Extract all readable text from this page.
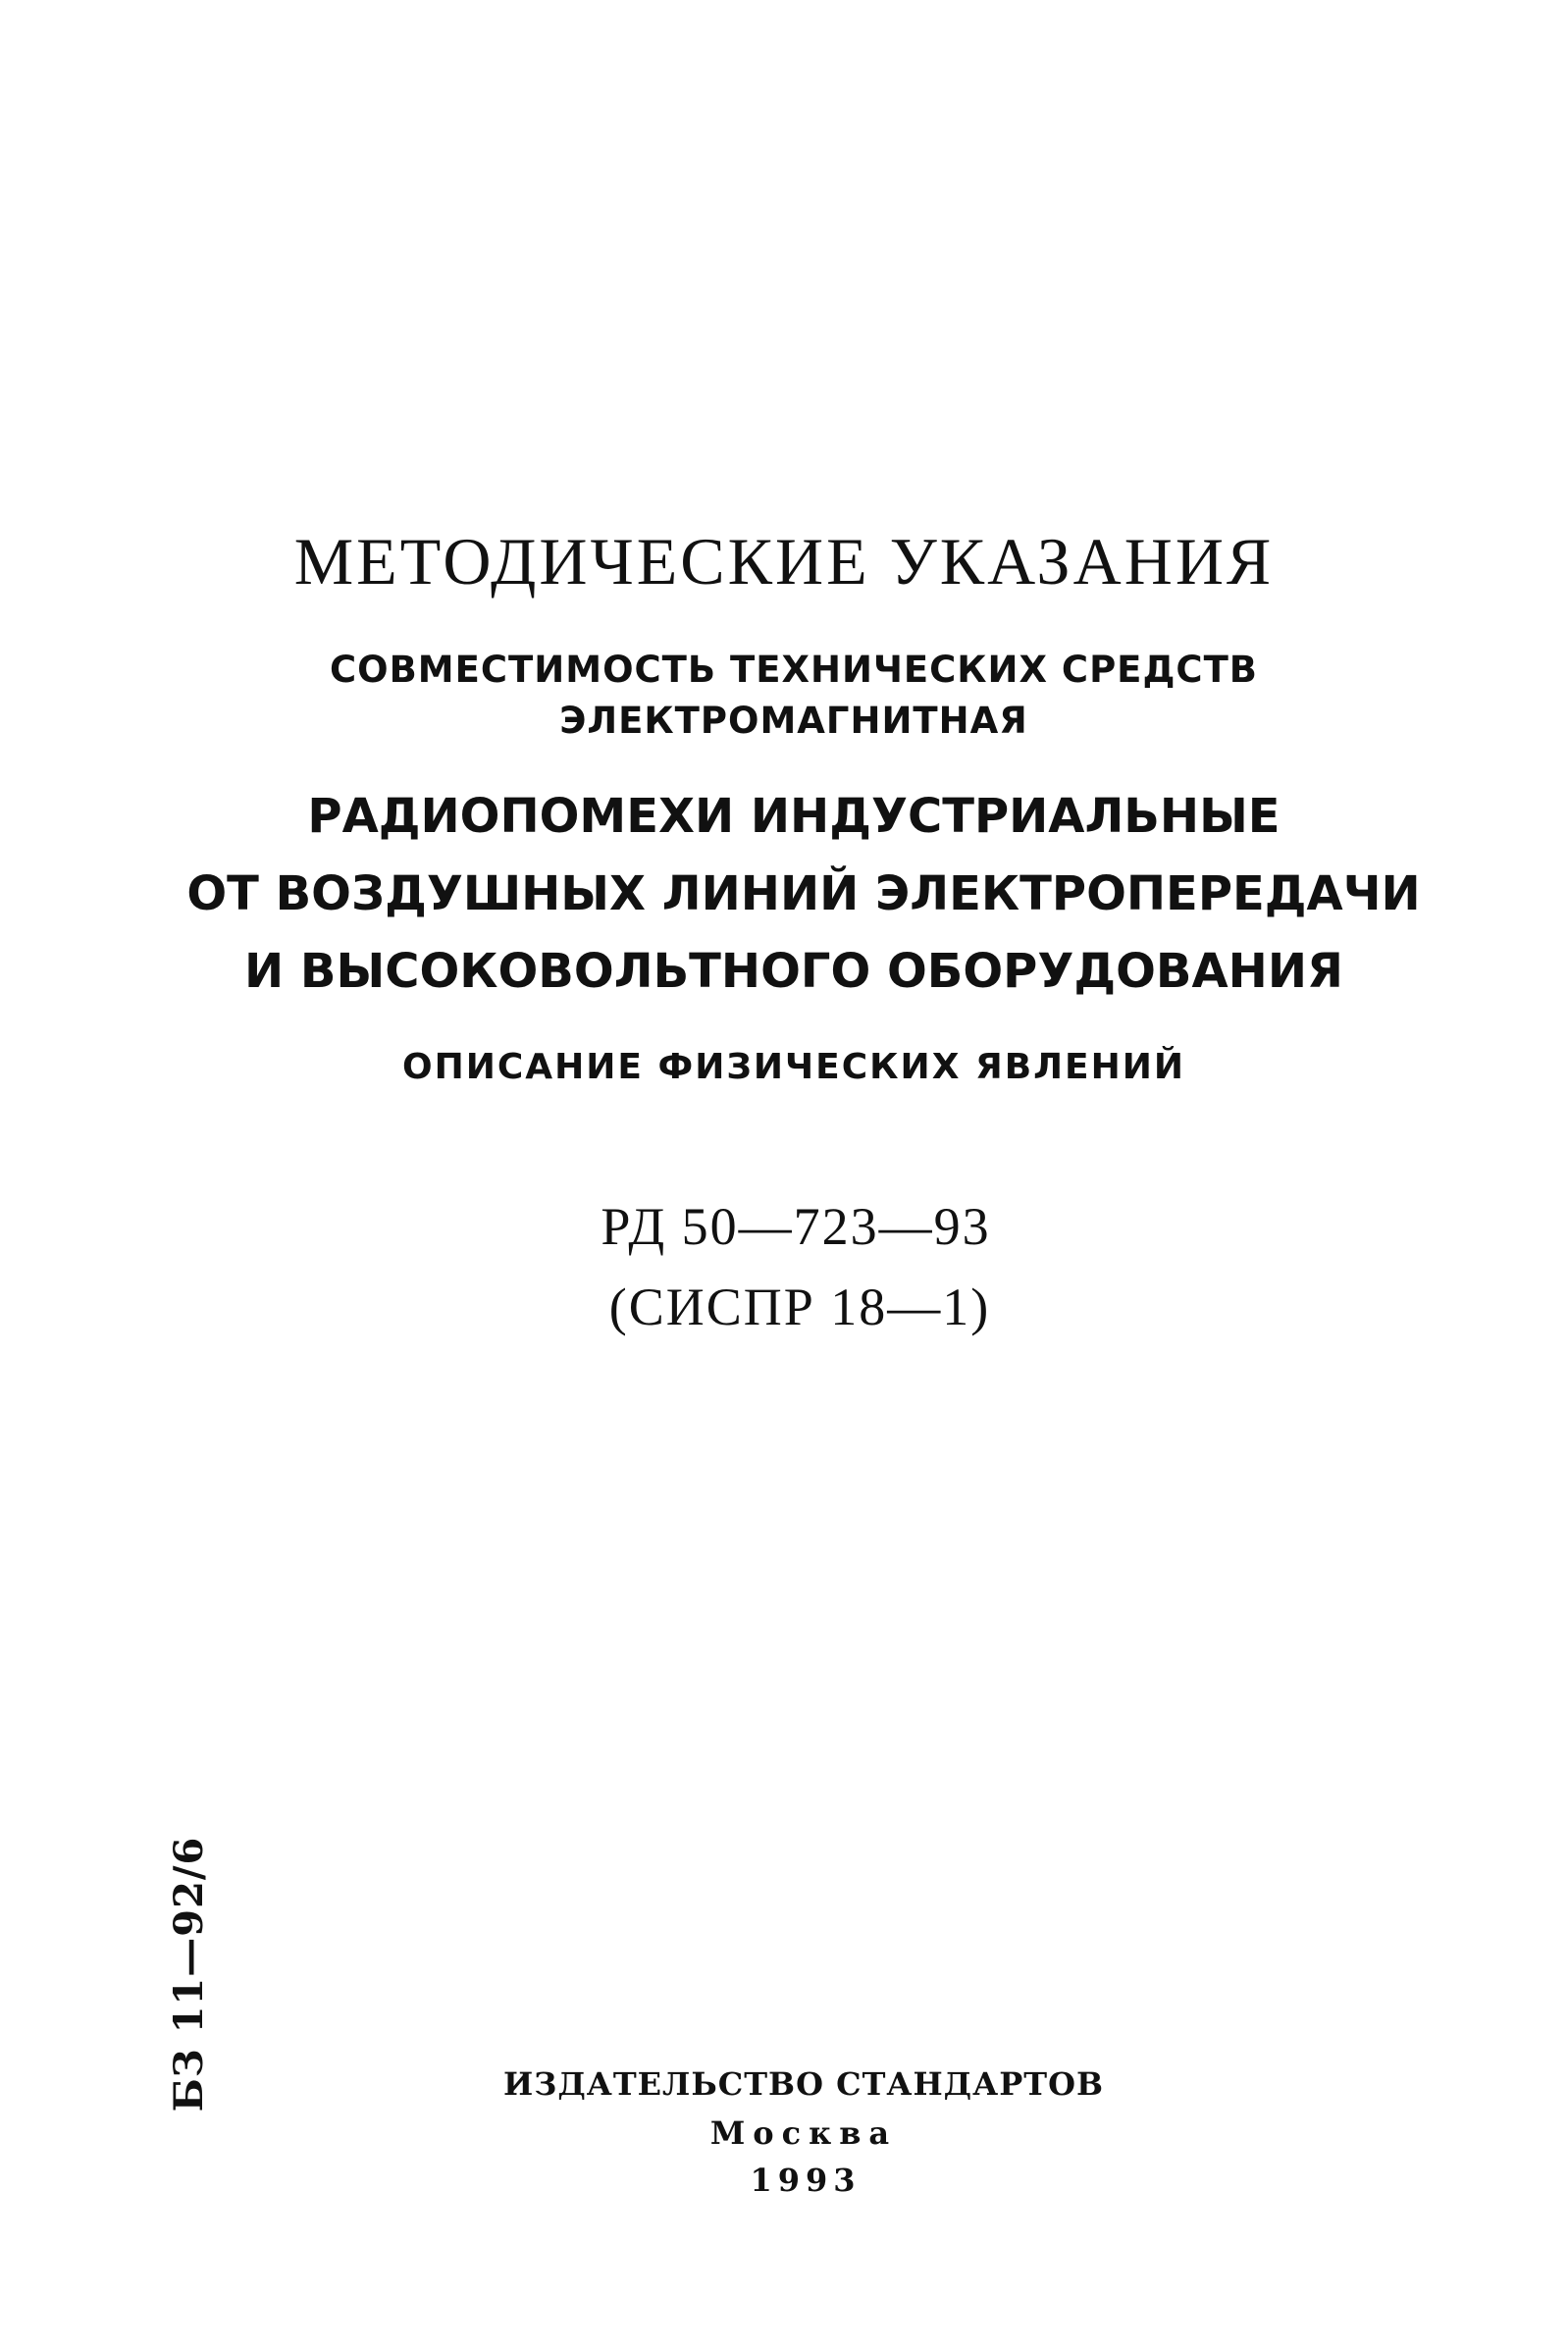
МЕТОДИЧЕСКИЕ УКАЗАНИЯ
СОВМЕСТИМОСТЬ ТЕХНИЧЕСКИХ СРЕДСТВ
ЭЛЕКТРОМАГНИТНАЯ
РАДИОПОМЕХИ ИНДУСТРИАЛЬНЫЕ
ОТ ВОЗДУШНЫХ ЛИНИЙ ЭЛЕКТРОПЕРЕДАЧИ
И ВЫСОКОВОЛЬТНОГО ОБОРУДОВАНИЯ
ОПИСАНИЕ ФИЗИЧЕСКИХ ЯВЛЕНИЙ
РД 50—723—93
(СИСПР 18—1)
БЗ 11—92/6	ИЗДАТЕЛЬСТВО СТАНДАРТОВ
Москва
1993
